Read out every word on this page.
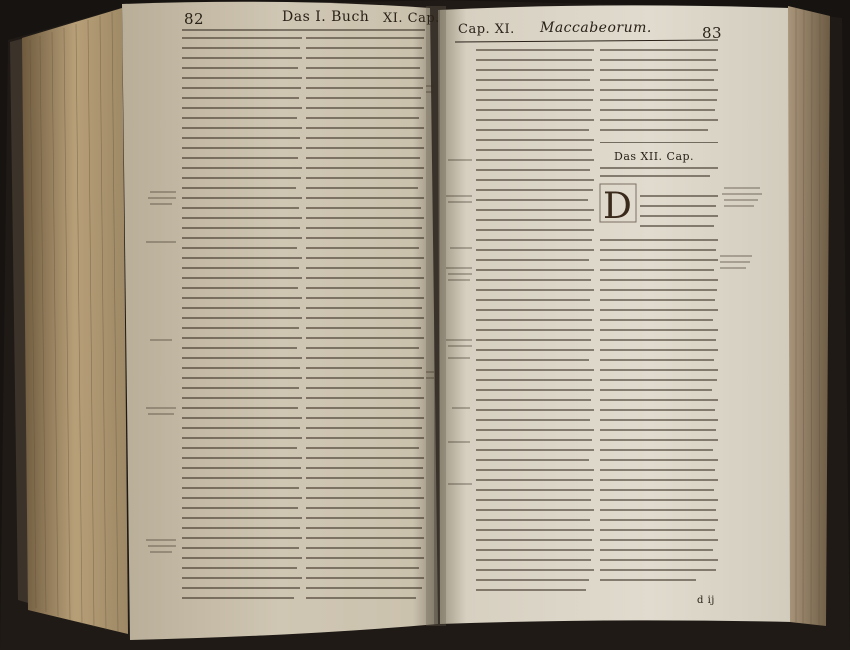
82	Das I. Buch XI. Cap.
Cap. XI. Maccabeorum.	83
Das XII. Cap.
D
d ij
